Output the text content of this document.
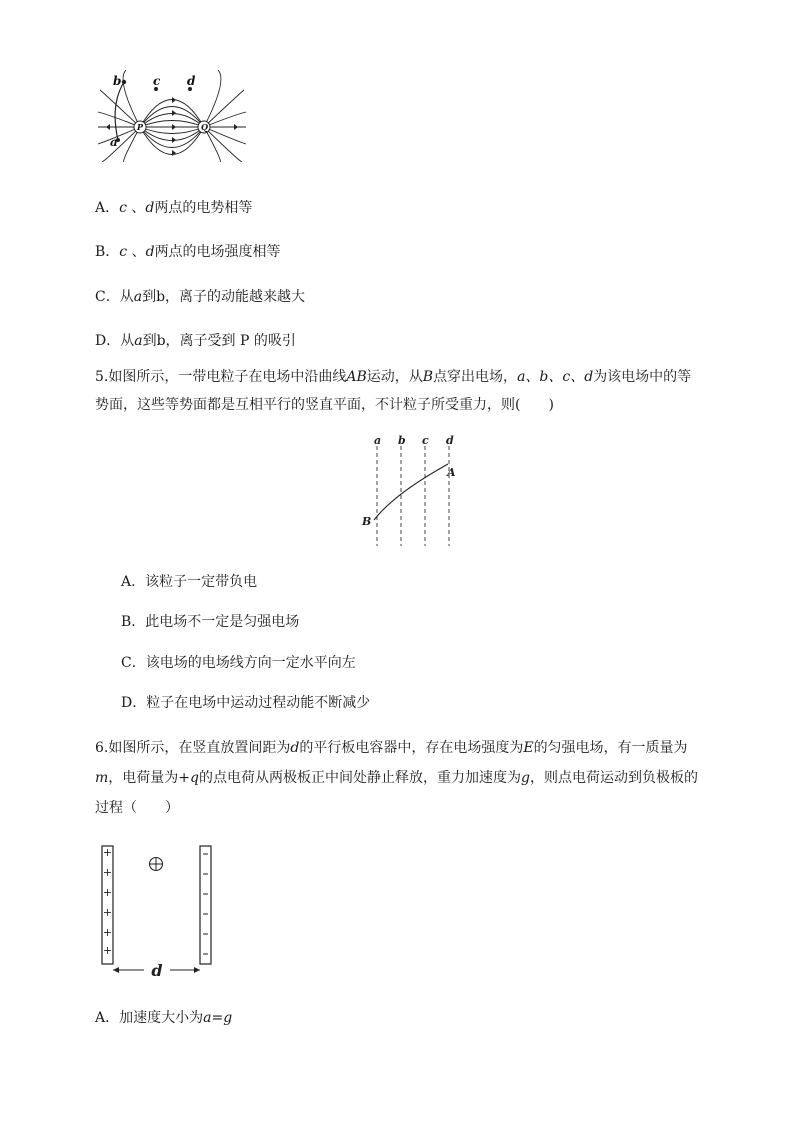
b	c d
P	Q
a
A．c 、d两点的电势相等
B．c 、d两点的电场强度相等
C．从a到b，离子的动能越来越大
D．从a到b，离子受到 P 的吸引
5.如图所示，一带电粒子在电场中沿曲线AB运动，从B点穿出电场，a、b、c、d为该电场中的等
势面，这些等势面都是互相平行的竖直平面，不计粒子所受重力，则(　　)
a b c d
A
B
A．该粒子一定带负电
B．此电场不一定是匀强电场
C．该电场的电场线方向一定水平向左
D．粒子在电场中运动过程动能不断减少
6.如图所示，在竖直放置间距为d的平行板电容器中，存在电场强度为E的匀强电场，有一质量为
m，电荷量为+q的点电荷从两极板正中间处静止释放，重力加速度为g，则点电荷运动到负极板的
过程（　　）
+
+
+
+
+
+
d
A．加速度大小为a=g
